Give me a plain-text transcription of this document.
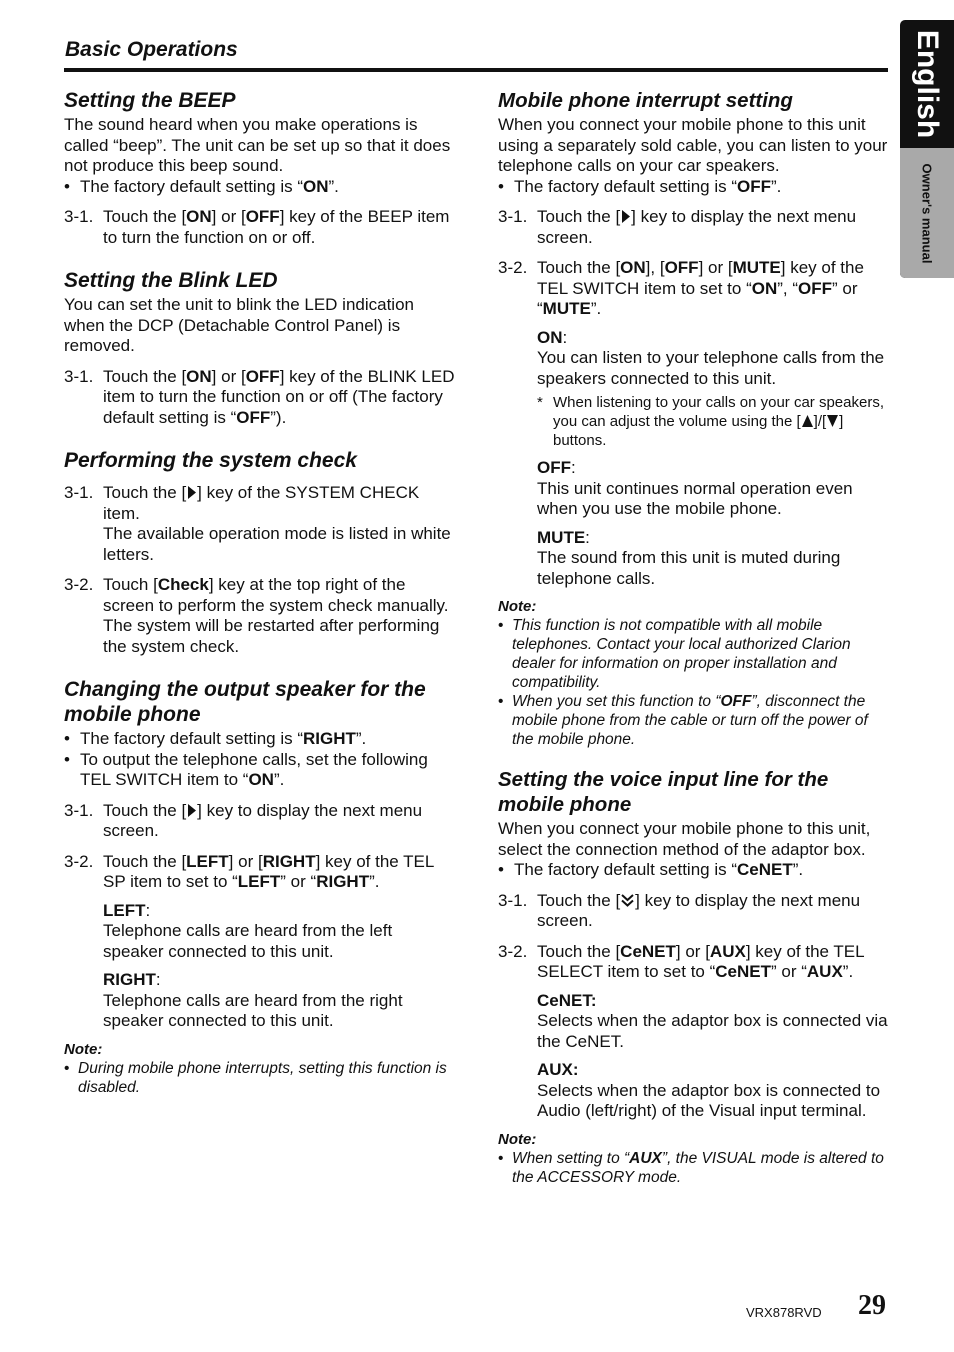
Basic Operations	English
Owner's manual
Setting the BEEP

The sound heard when you make operations is called “beep”. The unit can be set up so that it does not produce this beep sound.

• The factory default setting is “ON”.
3-1. Touch the [ON] or [OFF] key of the BEEP item to turn the function on or off.
Setting the Blink LED

You can set the unit to blink the LED indication when the DCP (Detachable Control Panel) is removed.

3-1. Touch the [ON] or [OFF] key of the BLINK LED item to turn the function on or off (The factory default setting is “OFF”).
Performing the system check
3-1. Touch the [ ] key of the SYSTEM CHECK item.
The available operation mode is listed in white letters.
3-2. Touch [Check] key at the top right of the screen to perform the system check manually.
The system will be restarted after performing the system check.
Changing the output speaker for the mobile phone
• The factory default setting is “RIGHT”.
• To output the telephone calls, set the following TEL SWITCH item to “ON”.
3-1. Touch the [ ] key to display the next menu screen.
3-2. Touch the [LEFT] or [RIGHT] key of the TEL SP item to set to “LEFT” or “RIGHT”.
LEFT:
Telephone calls are heard from the left speaker connected to this unit.
RIGHT:
Telephone calls are heard from the right speaker connected to this unit.
Note:
• During mobile phone interrupts, setting this function is disabled.
Mobile phone interrupt setting

When you connect your mobile phone to this unit using a separately sold cable, you can listen to your telephone calls on your car speakers.

• The factory default setting is “OFF”.
3-1. Touch the [ ] key to display the next menu screen.
3-2. Touch the [ON], [OFF] or [MUTE] key of the TEL SWITCH item to set to “ON”, “OFF” or “MUTE”.
ON:
You can listen to your telephone calls from the speakers connected to this unit.
* When listening to your calls on your car speakers, you can adjust the volume using the [ ]/[ ] buttons.
OFF:
This unit continues normal operation even when you use the mobile phone.
MUTE:
The sound from this unit is muted during telephone calls.
Note:
• This function is not compatible with all mobile telephones. Contact your local authorized Clarion dealer for information on proper installation and compatibility.
• When you set this function to “OFF”, disconnect the mobile phone from the cable or turn off the power of the mobile phone.
Setting the voice input line for the mobile phone

When you connect your mobile phone to this unit, select the connection method of the adaptor box.

• The factory default setting is “CeNET”.
3-1. Touch the [ ] key to display the next menu screen.
3-2. Touch the [CeNET] or [AUX] key of the TEL SELECT item to set to “CeNET” or “AUX”.
CeNET:
Selects when the adaptor box is connected via the CeNET.
AUX:
Selects when the adaptor box is connected to Audio (left/right) of the Visual input terminal.
Note:
• When setting to “AUX”, the VISUAL mode is altered to the ACCESSORY mode.
VRX878RVD 29
